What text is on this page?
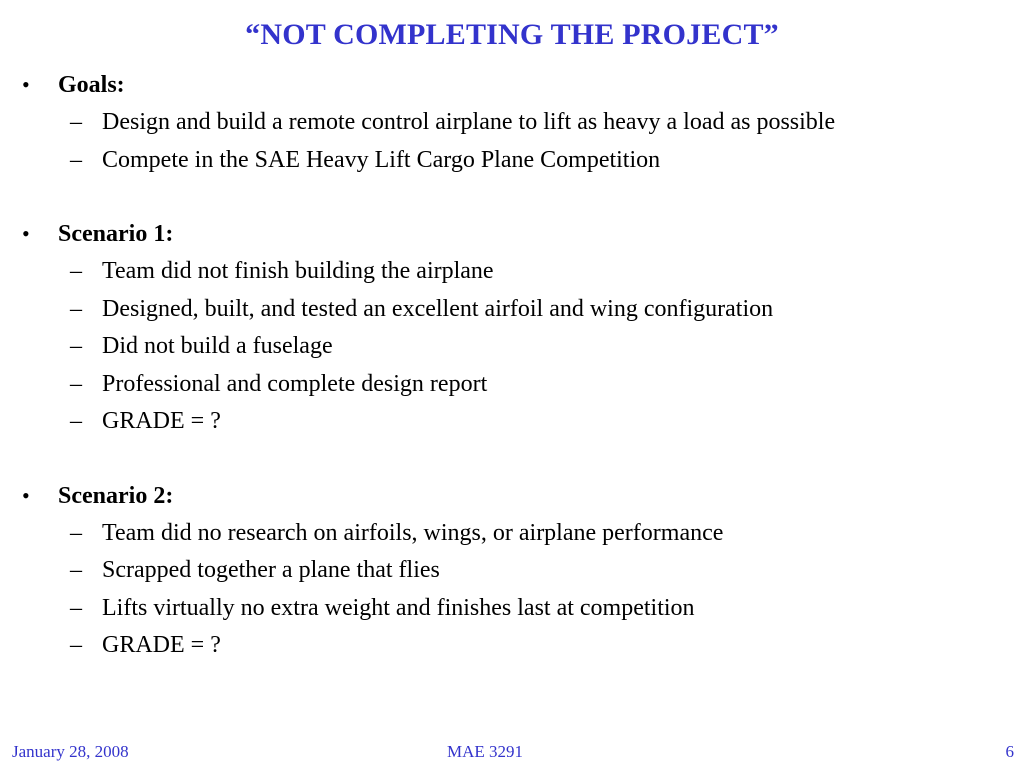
“NOT COMPLETING THE PROJECT”
•	Goals:
– Design and build a remote control airplane to lift as heavy a load as possible
– Compete in the SAE Heavy Lift Cargo Plane Competition
•	Scenario 1:
– Team did not finish building the airplane
– Designed, built, and tested an excellent airfoil and wing configuration
– Did not build a fuselage
– Professional and complete design report
– GRADE = ?
•	Scenario 2:
– Team did no research on airfoils, wings, or airplane performance
– Scrapped together a plane that flies
– Lifts virtually no extra weight and finishes last at competition
– GRADE = ?
January 28, 2008	MAE 3291	6
